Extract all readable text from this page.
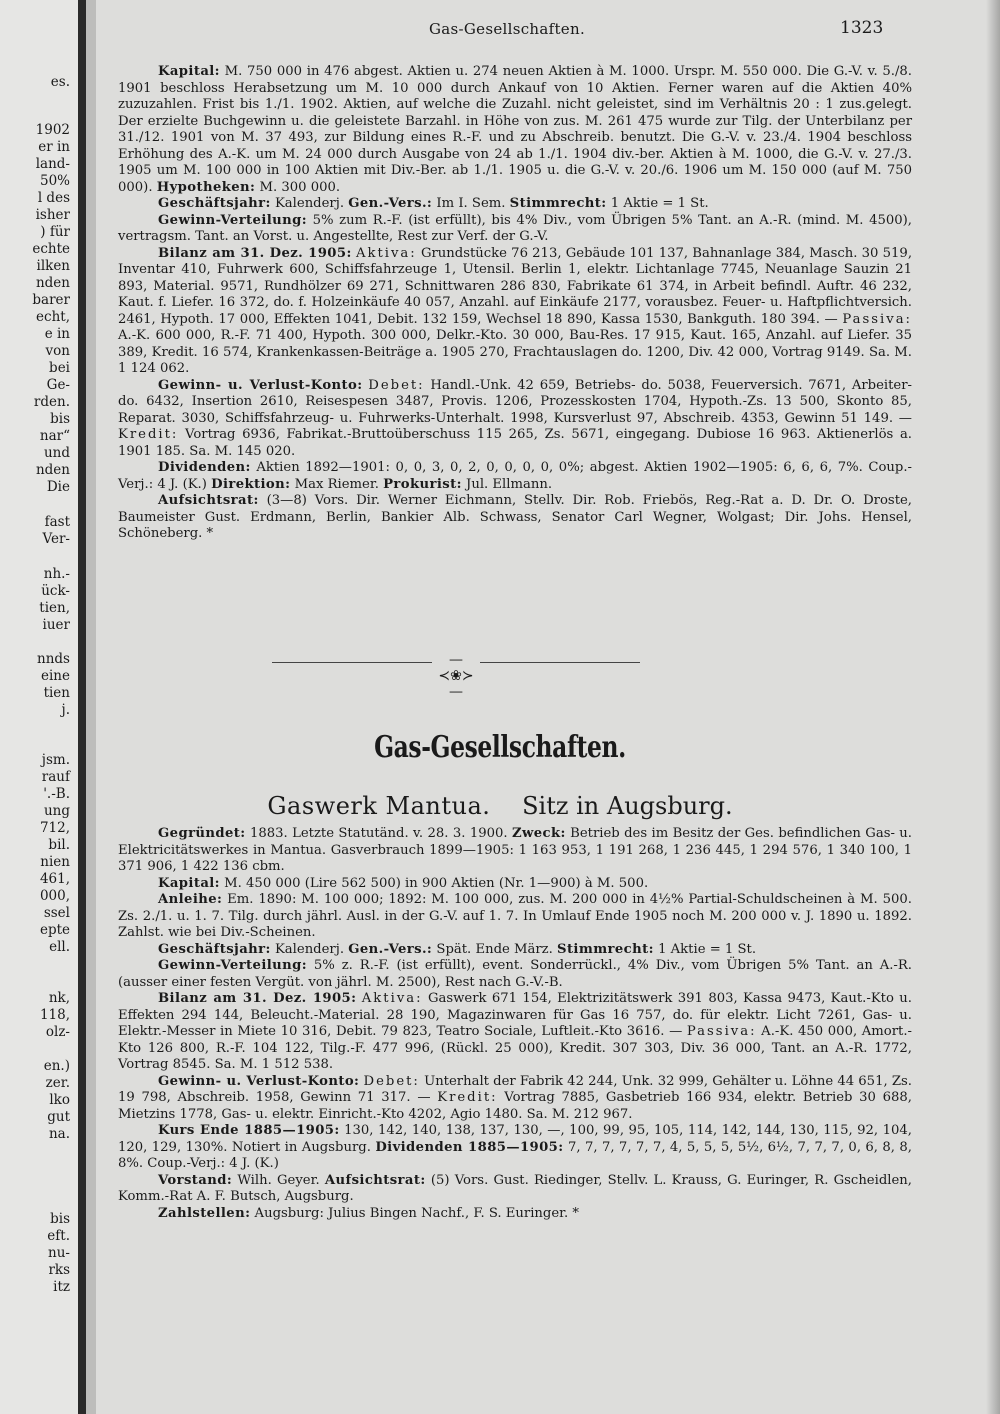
es.
1902
er in
land-
50%
l des
isher
) für
echte
ilken
nden
barer
echt,
e in
von
bei
Ge-
rden.
bis
nar“
und
nden
Die
fast
Ver-
nh.-
ück-
tien,
iuer
nnds
eine
tien
j.
jsm.
rauf
'.-B.
ung
712,
bil.
nien
461,
000,
ssel
epte
ell.
nk,
118,
olz-
en.)
zer.
lko
gut
na.
bis
eft.
nu-
rks
itz
Gas-Gesellschaften.	1323

Kapital: M. 750 000 in 476 abgest. Aktien u. 274 neuen Aktien à M. 1000. Urspr. M. 550 000. Die G.-V. v. 5./8. 1901 beschloss Herabsetzung um M. 10 000 durch Ankauf von 10 Aktien. Ferner waren auf die Aktien 40% zuzuzahlen. Frist bis 1./1. 1902. Aktien, auf welche die Zuzahl. nicht geleistet, sind im Verhältnis 20 : 1 zus.gelegt. Der erzielte Buchgewinn u. die geleistete Barzahl. in Höhe von zus. M. 261 475 wurde zur Tilg. der Unterbilanz per 31./12. 1901 von M. 37 493, zur Bildung eines R.-F. und zu Abschreib. benutzt. Die G.-V. v. 23./4. 1904 beschloss Erhöhung des A.-K. um M. 24 000 durch Ausgabe von 24 ab 1./1. 1904 div.-ber. Aktien à M. 1000, die G.-V. v. 27./3. 1905 um M. 100 000 in 100 Aktien mit Div.-Ber. ab 1./1. 1905 u. die G.-V. v. 20./6. 1906 um M. 150 000 (auf M. 750 000). Hypotheken: M. 300 000.

Geschäftsjahr: Kalenderj. Gen.-Vers.: Im I. Sem. Stimmrecht: 1 Aktie = 1 St.

Gewinn-Verteilung: 5% zum R.-F. (ist erfüllt), bis 4% Div., vom Übrigen 5% Tant. an A.-R. (mind. M. 4500), vertragsm. Tant. an Vorst. u. Angestellte, Rest zur Verf. der G.-V.

Bilanz am 31. Dez. 1905: Aktiva: Grundstücke 76 213, Gebäude 101 137, Bahnanlage 384, Masch. 30 519, Inventar 410, Fuhrwerk 600, Schiffsfahrzeuge 1, Utensil. Berlin 1, elektr. Lichtanlage 7745, Neuanlage Sauzin 21 893, Material. 9571, Rundhölzer 69 271, Schnittwaren 286 830, Fabrikate 61 374, in Arbeit befindl. Auftr. 46 232, Kaut. f. Liefer. 16 372, do. f. Holzeinkäufe 40 057, Anzahl. auf Einkäufe 2177, vorausbez. Feuer- u. Haftpflichtversich. 2461, Hypoth. 17 000, Effekten 1041, Debit. 132 159, Wechsel 18 890, Kassa 1530, Bankguth. 180 394. — Passiva: A.-K. 600 000, R.-F. 71 400, Hypoth. 300 000, Delkr.-Kto. 30 000, Bau-Res. 17 915, Kaut. 165, Anzahl. auf Liefer. 35 389, Kredit. 16 574, Krankenkassen-Beiträge a. 1905 270, Frachtauslagen do. 1200, Div. 42 000, Vortrag 9149. Sa. M. 1 124 062.

Gewinn- u. Verlust-Konto: Debet: Handl.-Unk. 42 659, Betriebs- do. 5038, Feuerversich. 7671, Arbeiter- do. 6432, Insertion 2610, Reisespesen 3487, Provis. 1206, Prozesskosten 1704, Hypoth.-Zs. 13 500, Skonto 85, Reparat. 3030, Schiffsfahrzeug- u. Fuhrwerks-Unterhalt. 1998, Kursverlust 97, Abschreib. 4353, Gewinn 51 149. — Kredit: Vortrag 6936, Fabrikat.-Bruttoüberschuss 115 265, Zs. 5671, eingegang. Dubiose 16 963. Aktienerlös a. 1901 185. Sa. M. 145 020.

Dividenden: Aktien 1892—1901: 0, 0, 3, 0, 2, 0, 0, 0, 0, 0%; abgest. Aktien 1902—1905: 6, 6, 6, 7%. Coup.-Verj.: 4 J. (K.) Direktion: Max Riemer. Prokurist: Jul. Ellmann.

Aufsichtsrat: (3—8) Vors. Dir. Werner Eichmann, Stellv. Dir. Rob. Friebös, Reg.-Rat a. D. Dr. O. Droste, Baumeister Gust. Erdmann, Berlin, Bankier Alb. Schwass, Senator Carl Wegner, Wolgast; Dir. Johs. Hensel, Schöneberg. *

—≺❀≻—
Gas-Gesellschaften.
Gaswerk Mantua. Sitz in Augsburg.

Gegründet: 1883. Letzte Statutänd. v. 28. 3. 1900. Zweck: Betrieb des im Besitz der Ges. befindlichen Gas- u. Elektricitätswerkes in Mantua. Gasverbrauch 1899—1905: 1 163 953, 1 191 268, 1 236 445, 1 294 576, 1 340 100, 1 371 906, 1 422 136 cbm.

Kapital: M. 450 000 (Lire 562 500) in 900 Aktien (Nr. 1—900) à M. 500.

Anleihe: Em. 1890: M. 100 000; 1892: M. 100 000, zus. M. 200 000 in 4½% Partial-Schuldscheinen à M. 500. Zs. 2./1. u. 1. 7. Tilg. durch jährl. Ausl. in der G.-V. auf 1. 7. In Umlauf Ende 1905 noch M. 200 000 v. J. 1890 u. 1892. Zahlst. wie bei Div.-Scheinen.

Geschäftsjahr: Kalenderj. Gen.-Vers.: Spät. Ende März. Stimmrecht: 1 Aktie = 1 St.

Gewinn-Verteilung: 5% z. R.-F. (ist erfüllt), event. Sonderrückl., 4% Div., vom Übrigen 5% Tant. an A.-R. (ausser einer festen Vergüt. von jährl. M. 2500), Rest nach G.-V.-B.

Bilanz am 31. Dez. 1905: Aktiva: Gaswerk 671 154, Elektrizitätswerk 391 803, Kassa 9473, Kaut.-Kto u. Effekten 294 144, Beleucht.-Material. 28 190, Magazinwaren für Gas 16 757, do. für elektr. Licht 7261, Gas- u. Elektr.-Messer in Miete 10 316, Debit. 79 823, Teatro Sociale, Luftleit.-Kto 3616. — Passiva: A.-K. 450 000, Amort.-Kto 126 800, R.-F. 104 122, Tilg.-F. 477 996, (Rückl. 25 000), Kredit. 307 303, Div. 36 000, Tant. an A.-R. 1772, Vortrag 8545. Sa. M. 1 512 538.

Gewinn- u. Verlust-Konto: Debet: Unterhalt der Fabrik 42 244, Unk. 32 999, Gehälter u. Löhne 44 651, Zs. 19 798, Abschreib. 1958, Gewinn 71 317. — Kredit: Vortrag 7885, Gasbetrieb 166 934, elektr. Betrieb 30 688, Mietzins 1778, Gas- u. elektr. Einricht.-Kto 4202, Agio 1480. Sa. M. 212 967.

Kurs Ende 1885—1905: 130, 142, 140, 138, 137, 130, —, 100, 99, 95, 105, 114, 142, 144, 130, 115, 92, 104, 120, 129, 130%. Notiert in Augsburg. Dividenden 1885—1905: 7, 7, 7, 7, 7, 7, 4, 5, 5, 5, 5½, 6½, 7, 7, 7, 0, 6, 8, 8, 8%. Coup.-Verj.: 4 J. (K.)

Vorstand: Wilh. Geyer. Aufsichtsrat: (5) Vors. Gust. Riedinger, Stellv. L. Krauss, G. Euringer, R. Gscheidlen, Komm.-Rat A. F. Butsch, Augsburg.

Zahlstellen: Augsburg: Julius Bingen Nachf., F. S. Euringer. *
